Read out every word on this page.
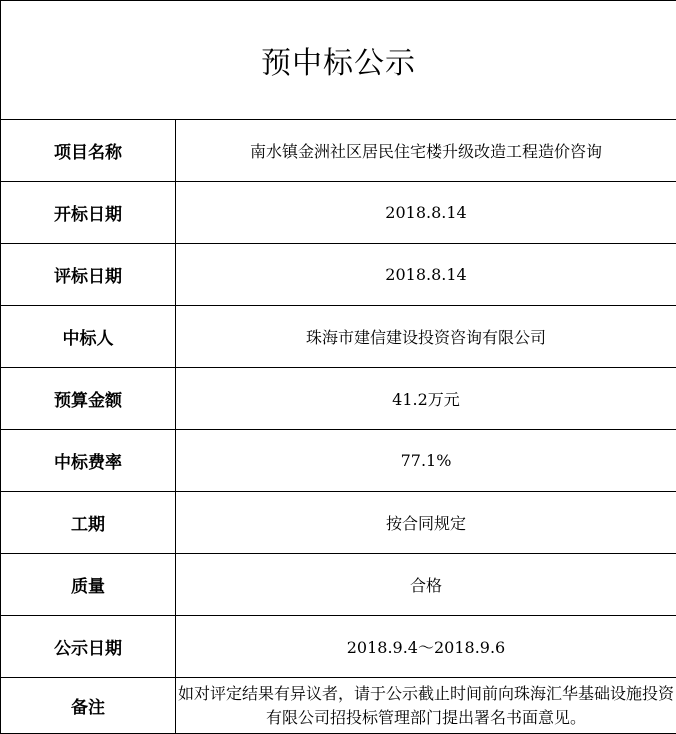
预中标公示	
项目名称	南水镇金洲社区居民住宅楼升级改造工程造价咨询
开标日期	2018.8.14
评标日期	2018.8.14
中标人	珠海市建信建设投资咨询有限公司
预算金额	41.2万元
中标费率	77.1%
工期	按合同规定
质量	合格
公示日期	2018.9.4～2018.9.6
备注	如对评定结果有异议者，请于公示截止时间前向珠海汇华基础设施投资有限公司招投标管理部门提出署名书面意见。
